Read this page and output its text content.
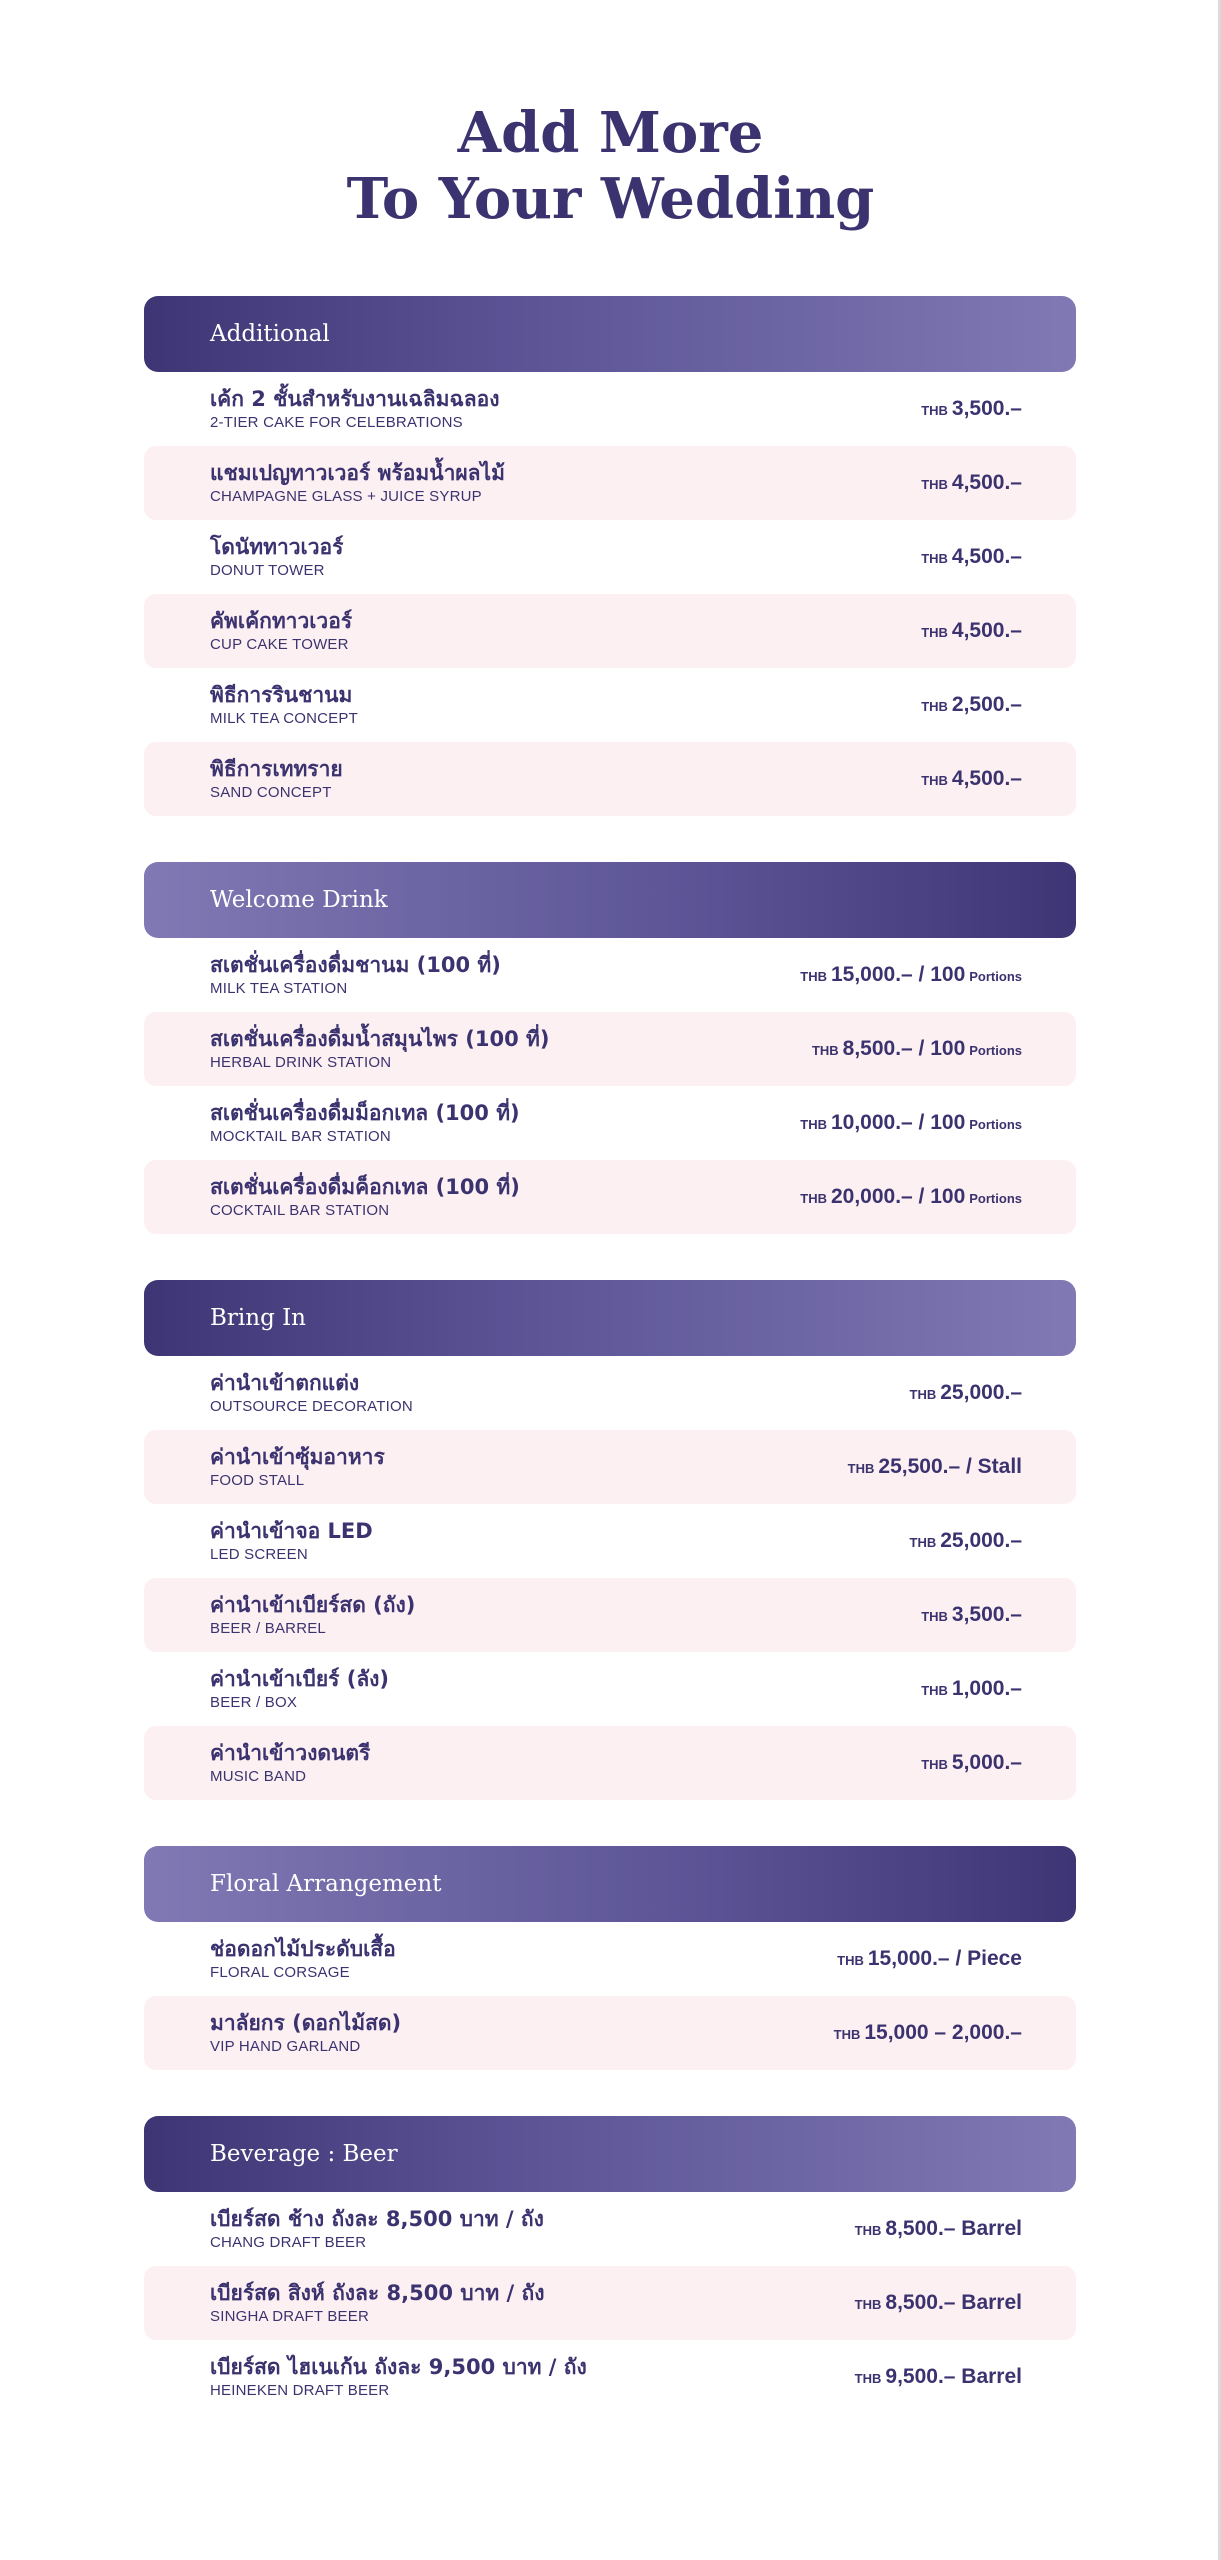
Add More
To Your Wedding
Additional
เค้ก 2 ชั้นสำหรับงานเฉลิมฉลอง
2-TIER CAKE FOR CELEBRATIONS
THB 3,500.–
แชมเปญทาวเวอร์ พร้อมน้ำผลไม้
CHAMPAGNE GLASS + JUICE SYRUP
THB 4,500.–
โดนัททาวเวอร์
DONUT TOWER
THB 4,500.–
คัพเค้กทาวเวอร์
CUP CAKE TOWER
THB 4,500.–
พิธีการรินชานม
MILK TEA CONCEPT
THB 2,500.–
พิธีการเททราย
SAND CONCEPT
THB 4,500.–
Welcome Drink
สเตชั่นเครื่องดื่มชานม (100 ที่)
MILK TEA STATION
THB 15,000.– / 100 Portions
สเตชั่นเครื่องดื่มน้ำสมุนไพร (100 ที่)
HERBAL DRINK STATION
THB 8,500.– / 100 Portions
สเตชั่นเครื่องดื่มม็อกเทล (100 ที่)
MOCKTAIL BAR STATION
THB 10,000.– / 100 Portions
สเตชั่นเครื่องดื่มค็อกเทล (100 ที่)
COCKTAIL BAR STATION
THB 20,000.– / 100 Portions
Bring In
ค่านำเข้าตกแต่ง
OUTSOURCE DECORATION
THB 25,000.–
ค่านำเข้าซุ้มอาหาร
FOOD STALL
THB 25,500.– / Stall
ค่านำเข้าจอ LED
LED SCREEN
THB 25,000.–
ค่านำเข้าเบียร์สด (ถัง)
BEER / BARREL
THB 3,500.–
ค่านำเข้าเบียร์ (ลัง)
BEER / BOX
THB 1,000.–
ค่านำเข้าวงดนตรี
MUSIC BAND
THB 5,000.–
Floral Arrangement
ช่อดอกไม้ประดับเสื้อ
FLORAL CORSAGE
THB 15,000.– / Piece
มาลัยกร (ดอกไม้สด)
VIP HAND GARLAND
THB 15,000 – 2,000.–
Beverage : Beer
เบียร์สด ช้าง ถังละ 8,500 บาท / ถัง
CHANG DRAFT BEER
THB 8,500.– Barrel
เบียร์สด สิงห์ ถังละ 8,500 บาท / ถัง
SINGHA DRAFT BEER
THB 8,500.– Barrel
เบียร์สด ไฮเนเก้น ถังละ 9,500 บาท / ถัง
HEINEKEN DRAFT BEER
THB 9,500.– Barrel
